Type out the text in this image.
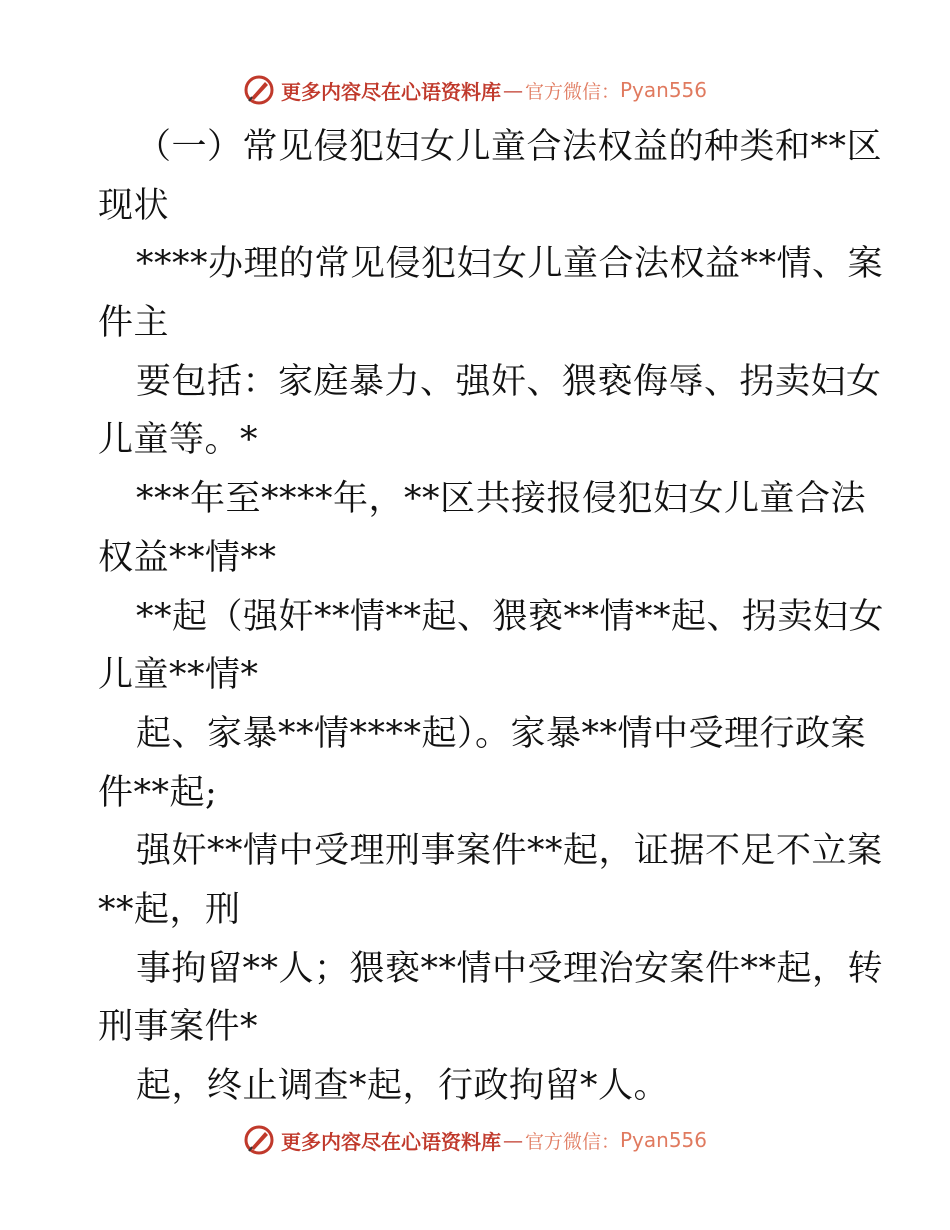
更多内容尽在心语资料库 — 官方微信： Pyan556
（一）常见侵犯妇女儿童合法权益的种类和**区
现状
****办理的常见侵犯妇女儿童合法权益**情、案
件主
要包括：家庭暴力、强奸、猥亵侮辱、拐卖妇女
儿童等。*
***年至****年，**区共接报侵犯妇女儿童合法
权益**情**
**起（强奸**情**起、猥亵**情**起、拐卖妇女
儿童**情*
起、家暴**情****起）。家暴**情中受理行政案
件**起;
强奸**情中受理刑事案件**起，证据不足不立案
**起，刑
事拘留**人；猥亵**情中受理治安案件**起，转
刑事案件*
起，终止调查*起，行政拘留*人。
更多内容尽在心语资料库 — 官方微信： Pyan556
